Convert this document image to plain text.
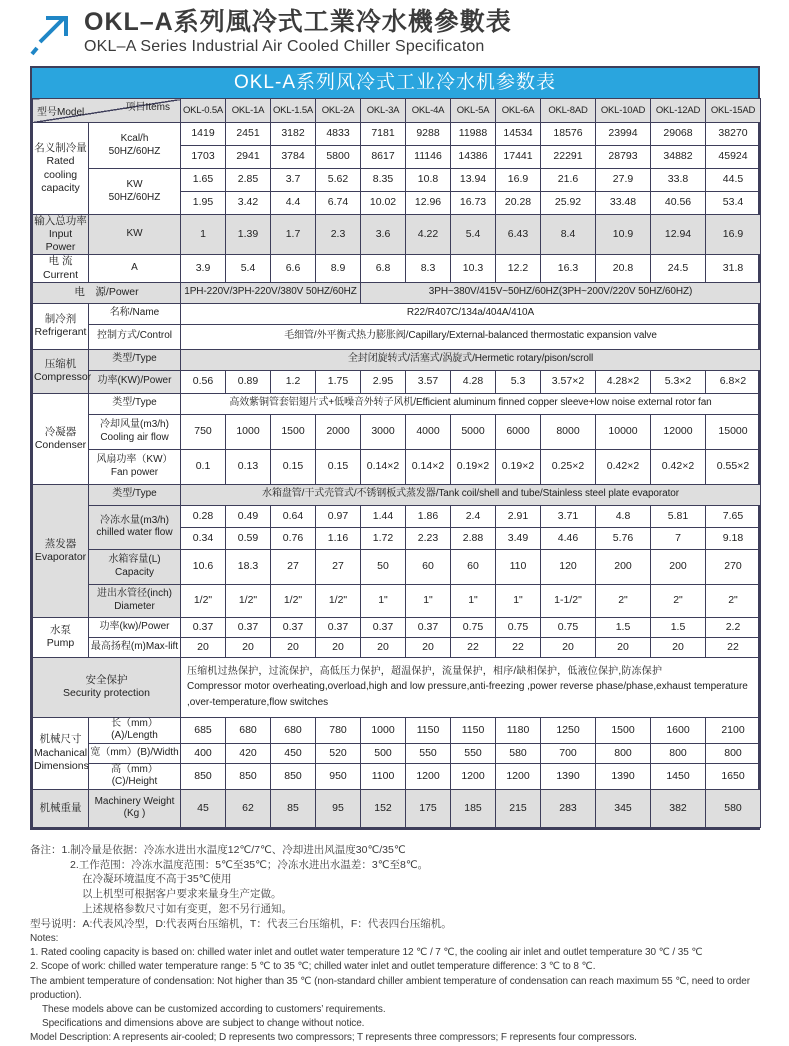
OKL–A系列風冷式工業冷水機參數表
OKL–A Series Industrial Air Cooled Chiller Specificaton
OKL-A系列风冷式工业冷水机参数表
型号Model 项目Items		OKL-0.5A	OKL-1A	OKL-1.5A	OKL-2A	OKL-3A	OKL-4A	OKL-5A	OKL-6A	OKL-8AD	OKL-10AD	OKL-12AD	OKL-15AD
名义制冷量
Rated
cooling
capacity	Kcal/h
50HZ/60HZ	1419	2451	3182	4833	7181	9288	11988	14534	18576	23994	29068	38270
		1703	2941	3784	5800	8617	11146	14386	17441	22291	28793	34882	45924
	KW
50HZ/60HZ	1.65	2.85	3.7	5.62	8.35	10.8	13.94	16.9	21.6	27.9	33.8	44.5
		1.95	3.42	4.4	6.74	10.02	12.96	16.73	20.28	25.92	33.48	40.56	53.4
输入总功率
Input Power	KW	1	1.39	1.7	2.3	3.6	4.22	5.4	6.43	8.4	10.9	12.94	16.9
电 流
Current	A	3.9	5.4	6.6	8.9	6.8	8.3	10.3	12.2	16.3	20.8	24.5	31.8
电　源/Power		1PH-220V/3PH-220V/380V 50HZ/60HZ				3PH~380V/415V~50HZ/60HZ(3PH~200V/220V 50HZ/60HZ)							
制冷剂
Refrigerant	名称/Name	R22/R407C/134a/404A/410A											
	控制方式/Control	毛细管/外平衡式热力膨胀阀/Capillary/External-balanced thermostatic expansion valve											
压缩机
Compressor	类型/Type	全封闭旋转式/活塞式/涡旋式/Hermetic rotary/pison/scroll											
	功率(KW)/Power	0.56	0.89	1.2	1.75	2.95	3.57	4.28	5.3	3.57×2	4.28×2	5.3×2	6.8×2
冷凝器
Condenser	类型/Type	高效紫铜管套铝翅片式+低噪音外转子风机/Efficient aluminum finned copper sleeve+low noise external rotor fan											
	冷却风量(m3/h)
Cooling air flow	750	1000	1500	2000	3000	4000	5000	6000	8000	10000	12000	15000
	风扇功率（KW）
Fan power	0.1	0.13	0.15	0.15	0.14×2	0.14×2	0.19×2	0.19×2	0.25×2	0.42×2	0.42×2	0.55×2
蒸发器
Evaporator	类型/Type	水箱盘管/干式壳管式/不锈钢板式蒸发器/Tank coil/shell and tube/Stainless steel plate evaporator											
	冷冻水量(m3/h)
chilled water flow	0.28	0.49	0.64	0.97	1.44	1.86	2.4	2.91	3.71	4.8	5.81	7.65
		0.34	0.59	0.76	1.16	1.72	2.23	2.88	3.49	4.46	5.76	7	9.18
	水箱容量(L)
Capacity	10.6	18.3	27	27	50	60	60	110	120	200	200	270
	进出水管径(inch)
Diameter	1/2"	1/2"	1/2"	1/2"	1"	1"	1"	1"	1-1/2"	2"	2"	2"
水泵
Pump	功率(kw)/Power	0.37	0.37	0.37	0.37	0.37	0.37	0.75	0.75	0.75	1.5	1.5	2.2
	最高扬程(m)Max-lift	20	20	20	20	20	20	22	22	20	20	20	22
安全保护
Security protection	
压缩机过热保护，过流保护，高低压力保护，超温保护，流量保护，相序/缺相保护，低液位保护,防冻保护
Compressor motor overheating,overload,high and low pressure,anti-freezing ,power reverse phase/phase,exhaust temperature ,over-temperature,flow switches

机械尺寸
Machanical
Dimensions	长（mm）(A)/Length	685	680	680	780	1000	1150	1150	1180	1250	1500	1600	2100
	宽（mm）(B)/Width	400	420	450	520	500	550	550	580	700	800	800	800
	高（mm）(C)/Height	850	850	850	950	1100	1200	1200	1200	1390	1390	1450	1650
机械重量	Machinery Weight
(Kg )	45	62	85	95	152	175	185	215	283	345	382	580
备注：1.制冷量是依据：冷冻水进出水温度12℃/7℃、冷却进出风温度30℃/35℃
2.工作范围：冷冻水温度范围：5℃至35℃；冷冻水进出水温差：3℃至8℃。
在冷凝环境温度不高于35℃使用
以上机型可根据客户要求来量身生产定做。
上述规格参数尺寸如有变更，恕不另行通知。
型号说明：A:代表风冷型，D:代表两台压缩机，T：代表三台压缩机，F：代表四台压缩机。
Notes:
1. Rated cooling capacity is based on: chilled water inlet and outlet water temperature 12 ℃ / 7 ℃, the cooling air inlet and outlet temperature 30 ℃ / 35 ℃
2. Scope of work: chilled water temperature range: 5 ℃ to 35 ℃; chilled water inlet and outlet temperature difference: 3 ℃ to 8 ℃.
The ambient temperature of condensation: Not higher than 35 ℃ (non-standard chiller ambient temperature of condensation can reach maximum 55 ℃, need to order production).
These models above can be customized according to customers’ requirements.
Specifications and dimensions above are subject to change without notice.
Model Description: A represents air-cooled; D represents two compressors; T represents three compressors; F represents four compressors.
